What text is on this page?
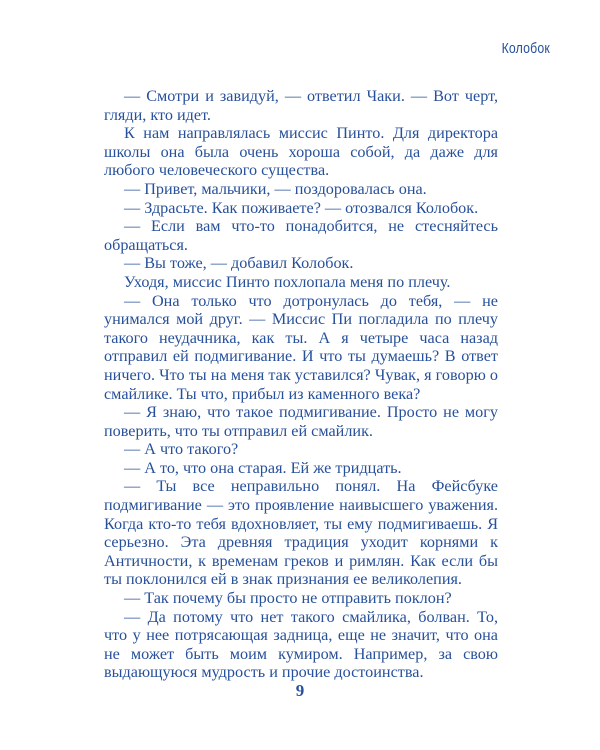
Колобок

— Смотри и завидуй, — ответил Чаки. — Вот черт, гляди, кто идет.

К нам направлялась миссис Пинто. Для директора школы она была очень хороша собой, да даже для любого человеческого существа.

— Привет, мальчики, — поздоровалась она.

— Здрасьте. Как поживаете? — отозвался Колобок.

— Если вам что-то понадобится, не стесняйтесь обращаться.

— Вы тоже, — добавил Колобок.

Уходя, миссис Пинто похлопала меня по плечу.

— Она только что дотронулась до тебя, — не унимался мой друг. — Миссис Пи погладила по плечу такого неудачника, как ты. А я четыре часа назад отправил ей подмигивание. И что ты думаешь? В ответ ничего. Что ты на меня так уставился? Чувак, я говорю о смайлике. Ты что, прибыл из каменного века?

— Я знаю, что такое подмигивание. Просто не могу поверить, что ты отправил ей смайлик.

— А что такого?

— А то, что она старая. Ей же тридцать.

— Ты все неправильно понял. На Фейсбуке подмигивание — это проявление наивысшего уважения. Когда кто-то тебя вдохновляет, ты ему подмигиваешь. Я серьезно. Эта древняя традиция уходит корнями к Античности, к временам греков и римлян. Как если бы ты поклонился ей в знак признания ее великолепия.

— Так почему бы просто не отправить поклон?

— Да потому что нет такого смайлика, болван. То, что у нее потрясающая задница, еще не значит, что она не может быть моим кумиром. Например, за свою выдающуюся мудрость и прочие достоинства.

9
